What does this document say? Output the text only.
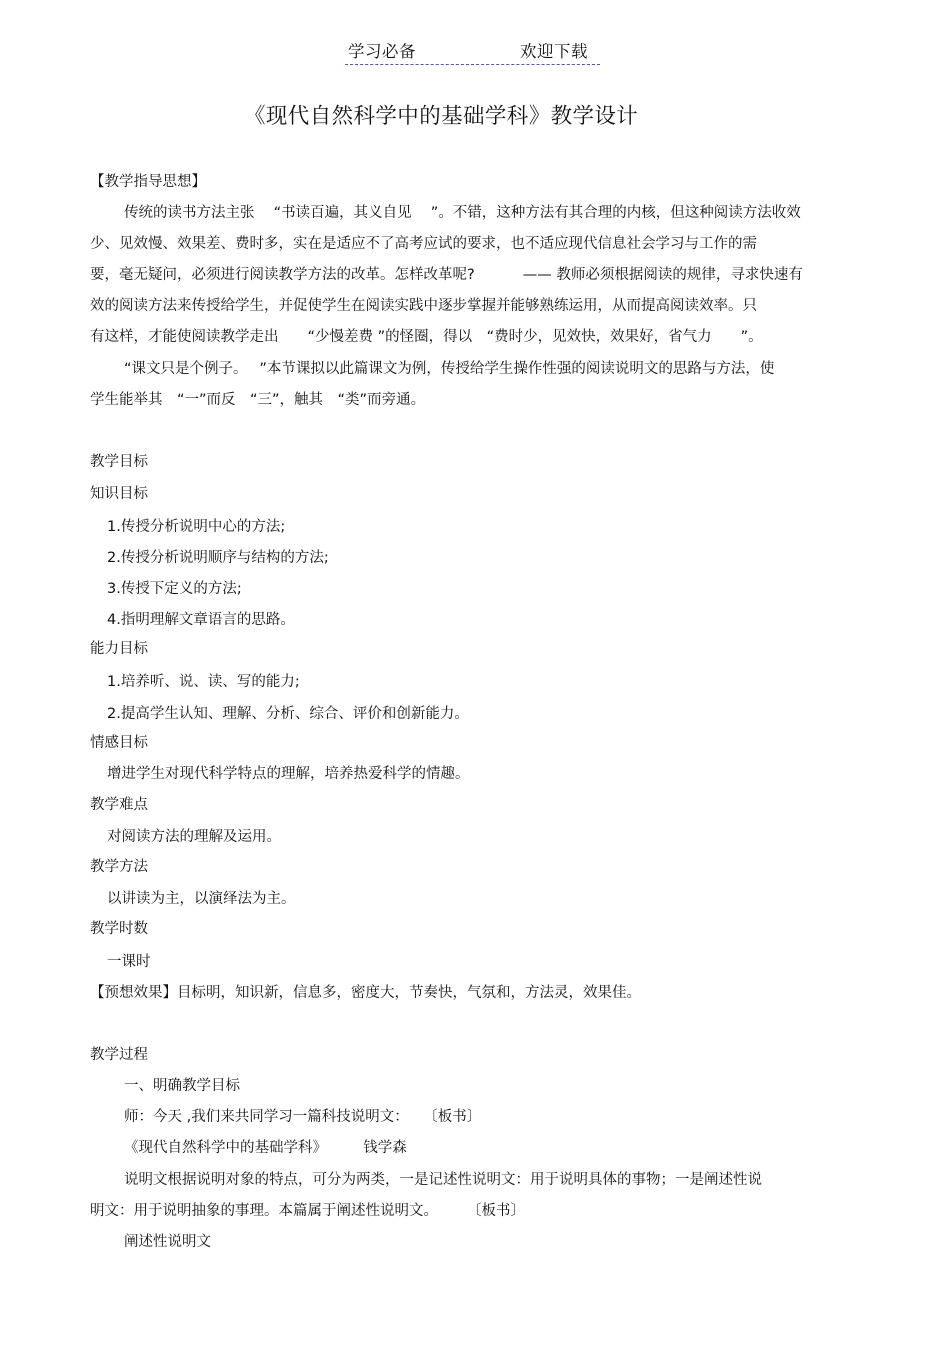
学习必备	欢迎下载
《现代自然科学中的基础学科》教学设计
【教学指导思想】
传统的读书方法主张　 “书读百遍，其义自见　 ”。不错，这种方法有其合理的内核，但这种阅读方法收效
少、见效慢、效果差、费时多，实在是适应不了高考应试的要求，也不适应现代信息社会学习与工作的需
要，毫无疑问，必须进行阅读教学方法的改革。怎样改革呢?　　　 —— 教师必须根据阅读的规律，寻求快速有
效的阅读方法来传授给学生，并促使学生在阅读实践中逐步掌握并能够熟练运用，从而提高阅读效率。只
有这样，才能使阅读教学走出　　“少慢差费 ”的怪圈，得以　“费时少，见效快，效果好，省气力　　”。
“课文只是个例子。　 ”本节课拟以此篇课文为例，传授给学生操作性强的阅读说明文的思路与方法，使
学生能举其　“一”而反　“三”，触其　“类”而旁通。
教学目标
知识目标
1.传授分析说明中心的方法;
2.传授分析说明顺序与结构的方法;
3.传授下定义的方法;
4.指明理解文章语言的思路。
能力目标
1.培养听、说、读、写的能力;
2.提高学生认知、理解、分析、综合、评价和创新能力。
情感目标
增进学生对现代科学特点的理解，培养热爱科学的情趣。
教学难点
对阅读方法的理解及运用。
教学方法
以讲读为主，以演绎法为主。
教学时数
一课时
【预想效果】目标明，知识新，信息多，密度大，节奏快，气氛和，方法灵，效果佳。
教学过程
一、明确教学目标
师：今天 ,我们来共同学习一篇科技说明文：　　〔板书〕
《现代自然科学中的基础学科》　　　钱学森
说明文根据说明对象的特点，可分为两类，一是记述性说明文：用于说明具体的事物；一是阐述性说
明文：用于说明抽象的事理。本篇属于阐述性说明文。　　　〔板书〕
阐述性说明文
